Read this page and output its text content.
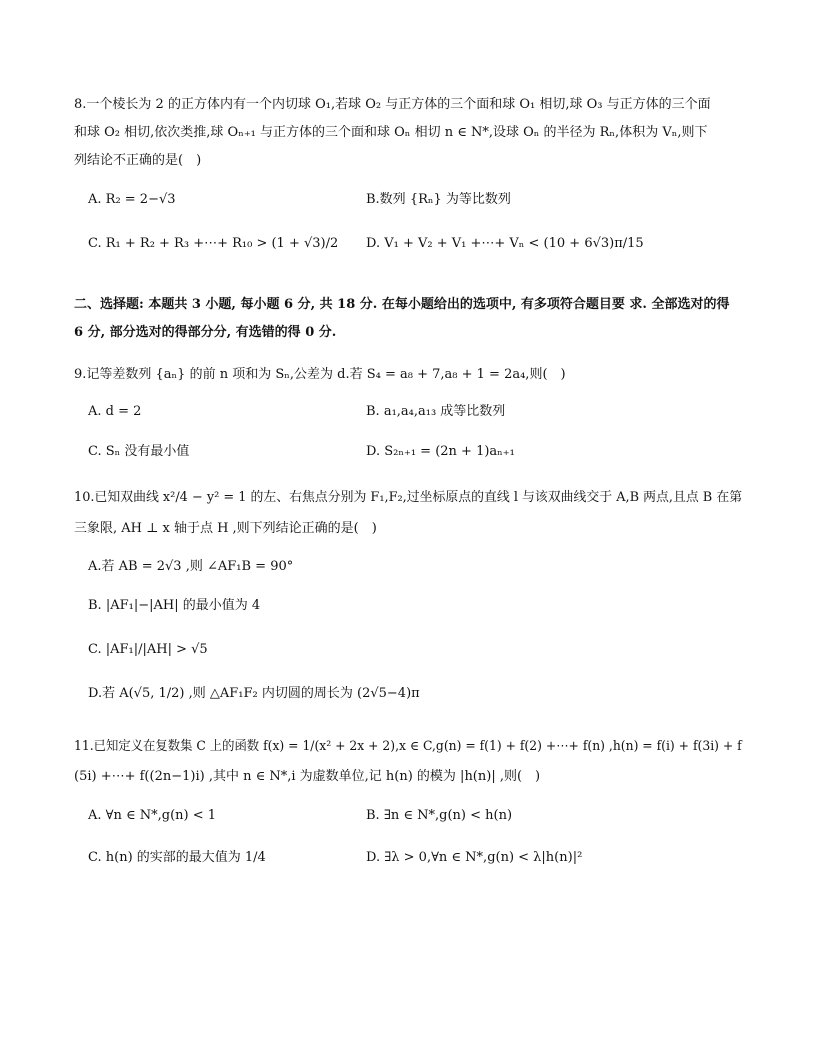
8.一个棱长为 2 的正方体内有一个内切球 O₁,若球 O₂ 与正方体的三个面和球 O₁ 相切,球 O₃ 与正方体的三个面
和球 O₂ 相切,依次类推,球 Oₙ₊₁ 与正方体的三个面和球 Oₙ 相切 n ∈ N*,设球 Oₙ 的半径为 Rₙ,体积为 Vₙ,则下
列结论不正确的是(　)
A. R₂ = 2−√3	B.数列 {Rₙ} 为等比数列
C. R₁ + R₂ + R₃ +⋯+ R₁₀ > (1 + √3)/2 D. V₁ + V₂ + V₁ +⋯+ Vₙ < (10 + 6√3)π/15
二、选择题: 本题共 3 小题, 每小题 6 分, 共 18 分. 在每小题给出的选项中, 有多项符合题目要 求. 全部选对的得
6 分, 部分选对的得部分分, 有选错的得 0 分.
9.记等差数列 {aₙ} 的前 n 项和为 Sₙ,公差为 d.若 S₄ = a₈ + 7,a₈ + 1 = 2a₄,则(　)
A. d = 2	B. a₁,a₄,a₁₃ 成等比数列
C. Sₙ 没有最小值	D. S₂ₙ₊₁ = (2n + 1)aₙ₊₁
10.已知双曲线 x²/4 − y² = 1 的左、右焦点分别为 F₁,F₂,过坐标原点的直线 l 与该双曲线交于 A,B 两点,且点 B 在第
三象限, AH ⊥ x 轴于点 H ,则下列结论正确的是(　)
A.若 AB = 2√3 ,则 ∠AF₁B = 90°
B. |AF₁|−|AH| 的最小值为 4
C. |AF₁|/|AH| > √5
D.若 A(√5, 1/2) ,则 △AF₁F₂ 内切圆的周长为 (2√5−4)π
11.已知定义在复数集 C 上的函数 f(x) = 1/(x² + 2x + 2),x ∈ C,g(n) = f(1) + f(2) +⋯+ f(n) ,h(n) = f(i) + f(3i) + f
(5i) +⋯+ f((2n−1)i) ,其中 n ∈ N*,i 为虚数单位,记 h(n) 的模为 |h(n)| ,则(　)
A. ∀n ∈ N*,g(n) < 1	B. ∃n ∈ N*,g(n) < h(n)
C. h(n) 的实部的最大值为 1/4	D. ∃λ > 0,∀n ∈ N*,g(n) < λ|h(n)|²
